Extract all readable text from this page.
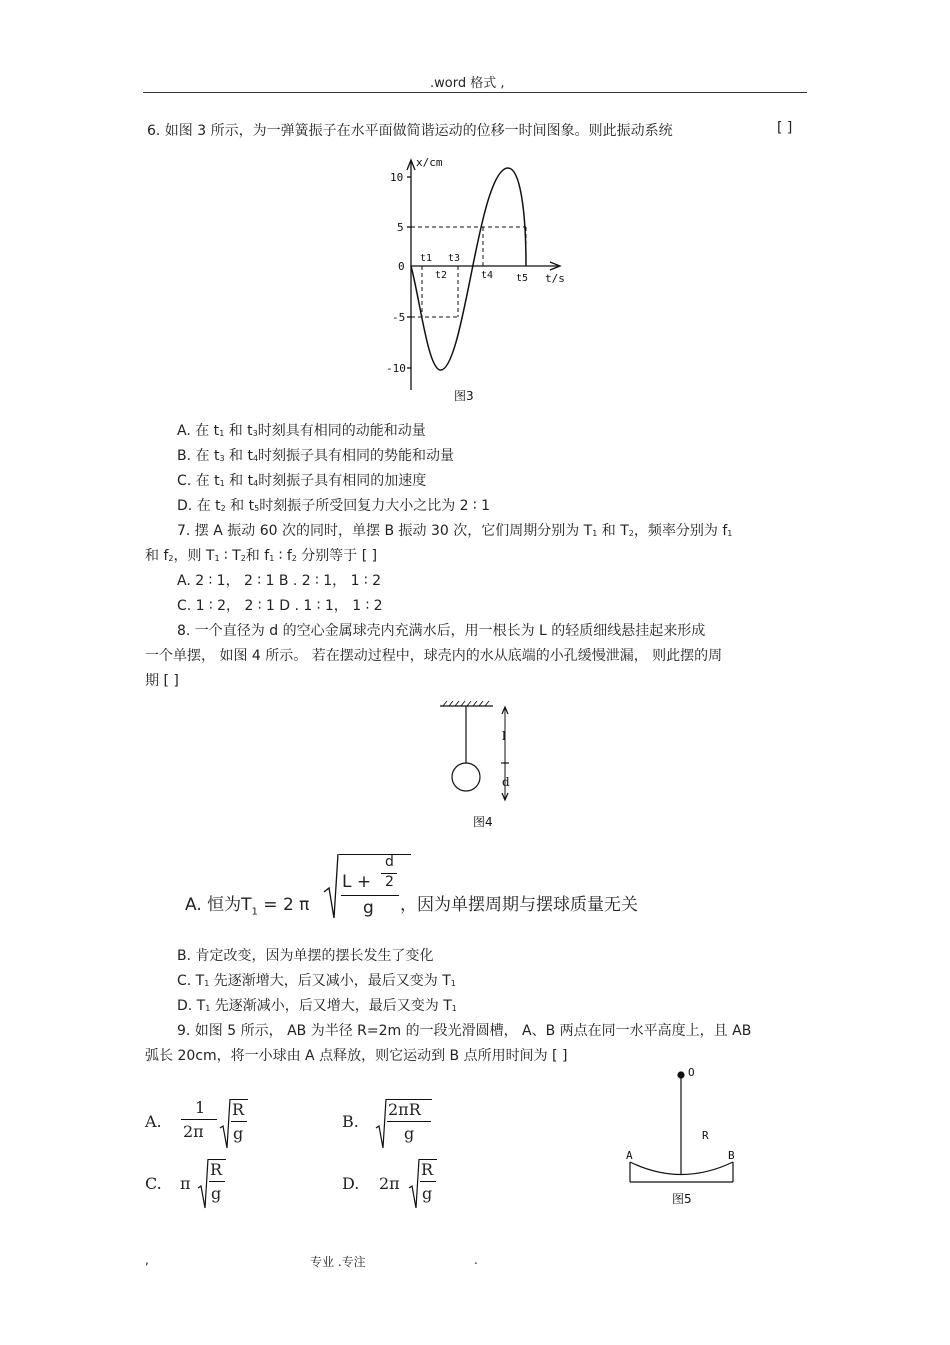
.word 格式 ,
6. 如图 3 所示，为一弹簧振子在水平面做简谐运动的位移一时间图象。则此振动系统	[ ]
x/cm
t/s
10
5
0
-5
-10
t1
t2
t3
t4 t5
图3
A. 在 $t_1$ 和 $t_3$时刻具有相同的动能和动量
B. 在 $t_3$ 和 $t_4$时刻振子具有相同的势能和动量
C. 在 $t_1$ 和 $t_4$时刻振子具有相同的加速度
D. 在 $t_2$ 和 $t_5$时刻振子所受回复力大小之比为 2 ∶ 1
7. 摆 A 振动 60 次的同时，单摆 B 振动 30 次，它们周期分别为 $T_1$ 和 $T_2$，频率分别为 $f_1$
和 $f_2$，则 $T_1$ ∶ $T_2$和 $f_1$ ∶ $f_2$ 分别等于 [ ]
A. 2 ∶ 1， 2 ∶ 1 B . 2 ∶ 1， 1 ∶ 2
C. 1 ∶ 2， 2 ∶ 1 D . 1 ∶ 1， 1 ∶ 2
8. 一个直径为 d 的空心金属球壳内充满水后，用一根长为 L 的轻质细线悬挂起来形成
一个单摆， 如图 4 所示。 若在摆动过程中，球壳内的水从底端的小孔缓慢泄漏， 则此摆的周
期 [ ]
l
d
图4
A. 恒为$T_1 = 2$ π
L +
d
2
g ，因为单摆周期与摆球质量无关
B. 肯定改变，因为单摆的摆长发生了变化
C. $T_1$ 先逐渐增大，后又减小，最后又变为 $T_1$
D. $T_1$ 先逐渐减小，后又增大，最后又变为 $T_1$
9. 如图 5 所示， AB 为半径 R=2m 的一段光滑圆槽， A、B 两点在同一水平高度上，且 AB
弧长 20cm，将一小球由 A 点释放，则它运动到 B 点所用时间为 [ ]
A.
1
2π
R
g
B.
2πR
g
C. π
R
g
D. 2π
R
g
O
R
A	B
图5
,	专业 .专注	.
